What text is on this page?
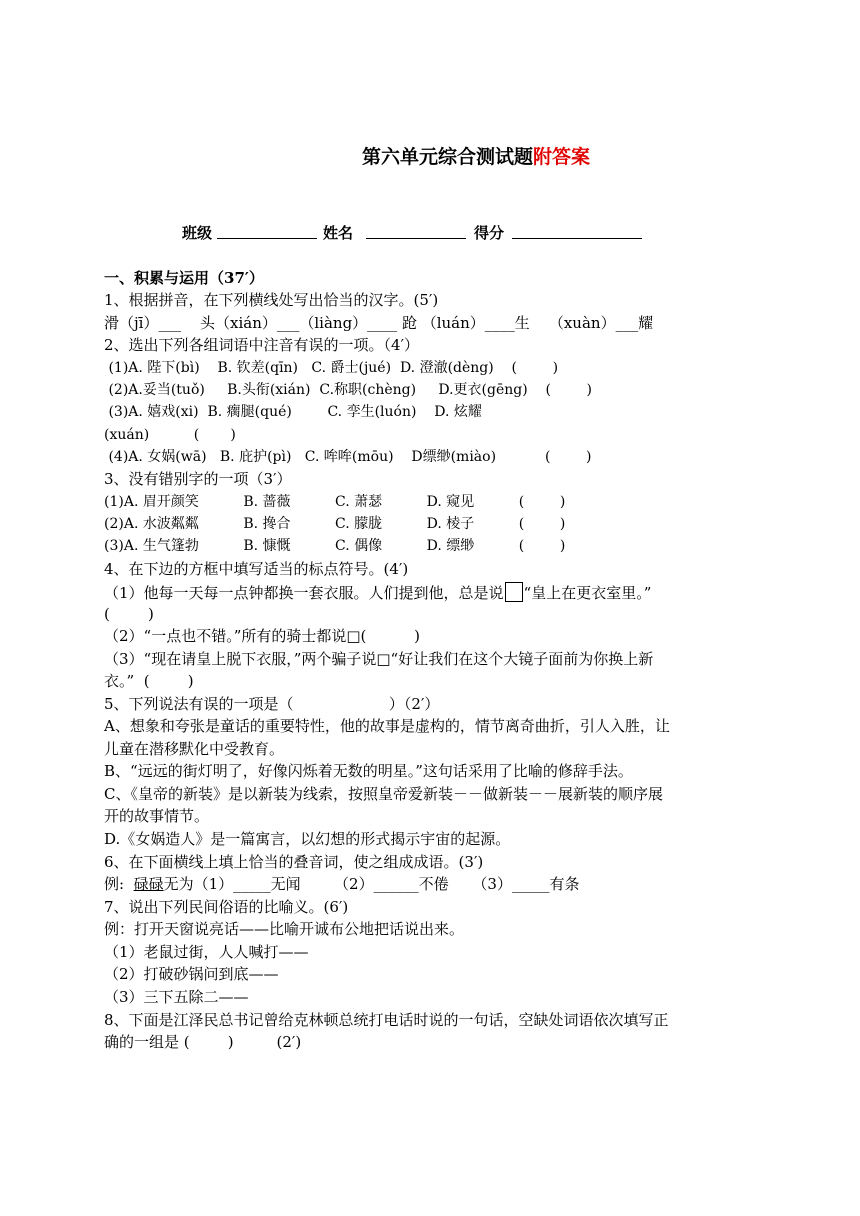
第六单元综合测试题附答案
班级	姓名	得分
一、积累与运用（37′）
1、根据拼音，在下列横线处写出恰当的汉字。(5′)
滑（jī）___    头（xián）___（liàng）____ 跄 （luán）____生    （xuàn）___耀
2、选出下列各组词语中注音有误的一项。（4′）
(1)A. 陛下(bì)    B. 钦差(qīn)   C. 爵士(jué)  D. 澄澈(dèng)    (        )
(2)A.妥当(tuǒ)     B.头衔(xián)  C.称职(chèng)     D.更衣(gēng)    (        )
(3)A. 嬉戏(xi)  B. 瘸腿(qué)        C. 孪生(luón)    D. 炫耀
(xuán)          (       )
(4)A. 女娲(wā)   B. 庇护(pì)   C. 哞哞(mōu)    D缥缈(miào)           (        )
3、没有错别字的一项（3′）
(1)A. 眉开颜笑          B. 蔷薇          C. 萧瑟          D. 窥见          (        )
(2)A. 水波粼粼          B. 搀合          C. 朦胧          D. 棱子          (        )
(3)A. 生气篷勃          B. 慷慨          C. 偶像          D. 缥缈          (        )
4、在下边的方框中填写适当的标点符号。(4′)
（1）他每一天每一点钟都换一套衣服。人们提到他，总是说 “皇上在更衣室里。”
(        )
（2）“一点也不错。”所有的骑士都说□(          )
（3）“现在请皇上脱下衣服，”两个骗子说□“好让我们在这个大镜子面前为你换上新
衣。”  (        )
5、下列说法有误的一项是（                    ）（2′）
A、想象和夸张是童话的重要特性，他的故事是虚构的，情节离奇曲折，引人入胜，让
儿童在潜移默化中受教育。
B、“远远的街灯明了，好像闪烁着无数的明星。”这句话采用了比喻的修辞手法。
C、《皇帝的新装》是以新装为线索，按照皇帝爱新装－－做新装－－展新装的顺序展
开的故事情节。
D.《女娲造人》是一篇寓言，以幻想的形式揭示宇宙的起源。
6、在下面横线上填上恰当的叠音词，使之组成成语。(3′)
例: 碌碌无为（1）_____无闻       （2）______不倦     （3）_____有条
7、说出下列民间俗语的比喻义。(6′)
例：打开天窗说亮话——比喻开诚布公地把话说出来。
（1）老鼠过街，人人喊打——
（2）打破砂锅问到底——
（3）三下五除二——
8、下面是江泽民总书记曾给克林顿总统打电话时说的一句话，空缺处词语依次填写正
确的一组是 (        )         (2′)
